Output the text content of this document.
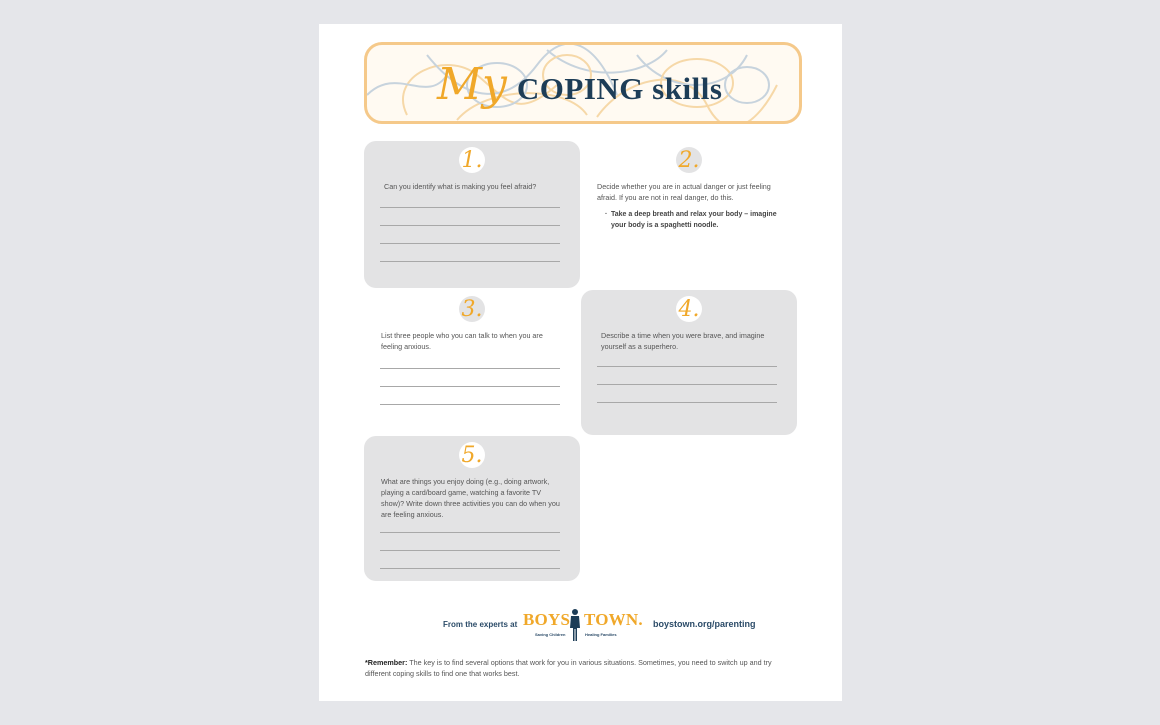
My COPING skills
1.
Can you identify what is making you feel afraid?
2.
Decide whether you are in actual danger or just feeling afraid. If you are not in real danger, do this.
· Take a deep breath and relax your body – imagine your body is a spaghetti noodle.
3.
List three people who you can talk to when you are feeling anxious.
4.
Describe a time when you were brave, and imagine yourself as a superhero.
5.
What are things you enjoy doing (e.g., doing artwork, playing a card/board game, watching a favorite TV show)? Write down three activities you can do when you are feeling anxious.
From the experts at BOYS TOWN.
Saving Children	Healing Families
boystown.org/parenting
*Remember: The key is to find several options that work for you in various situations. Sometimes, you need to switch up and try different coping skills to find one that works best.
